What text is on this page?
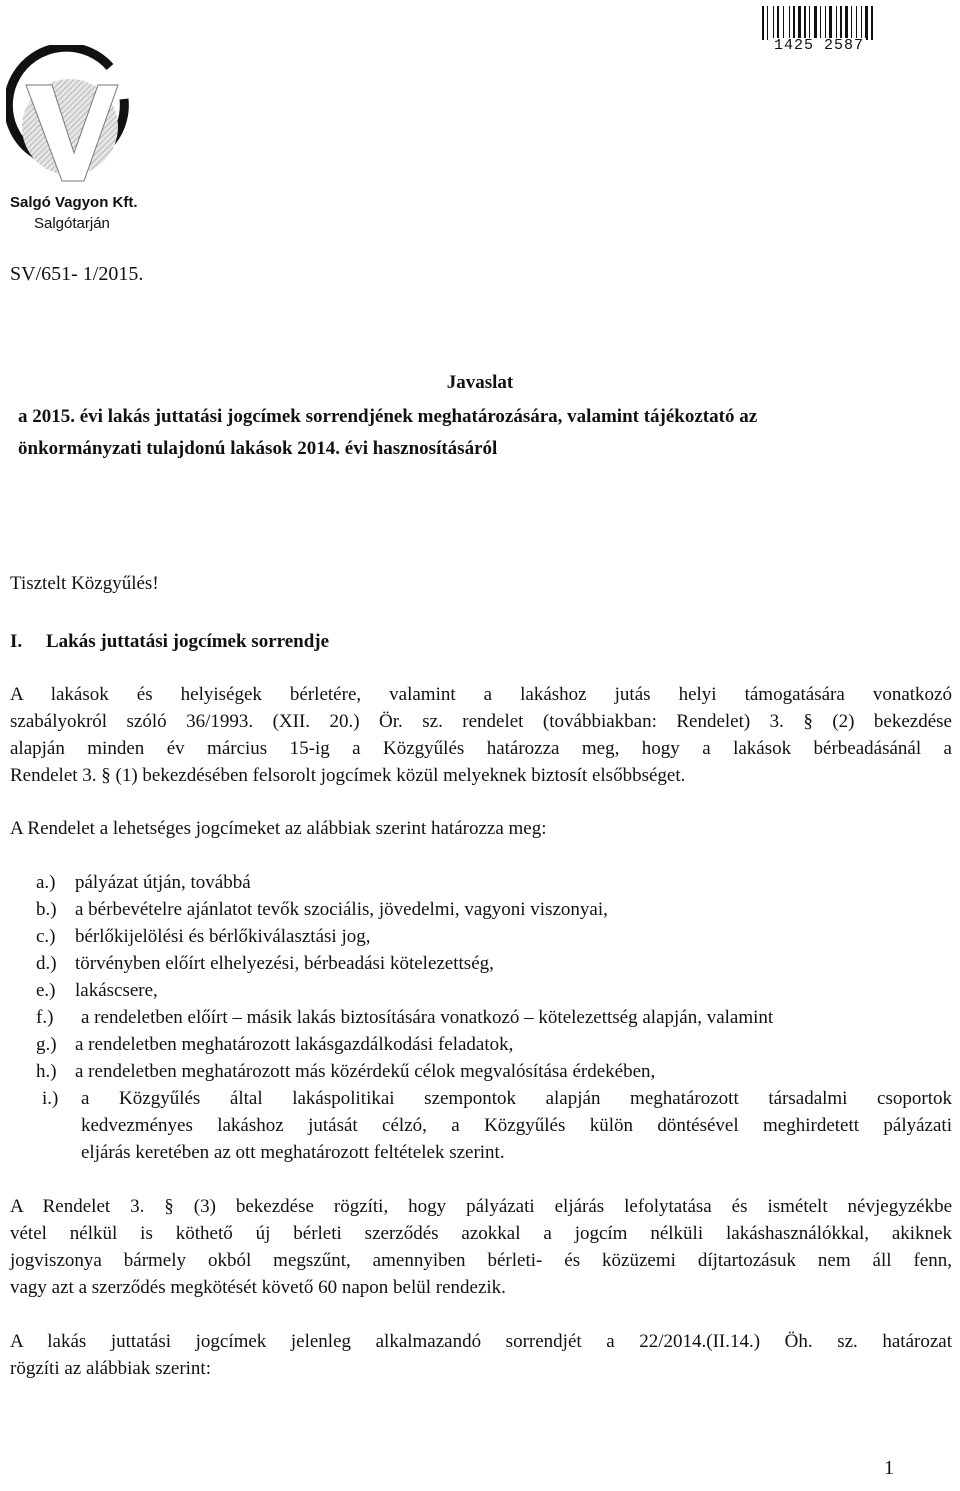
1425 2587
Salgó Vagyon Kft.
Salgótarján
SV/651- 1/2015.
Javaslat
a 2015. évi lakás juttatási jogcímek sorrendjének meghatározására, valamint tájékoztató az
önkormányzati tulajdonú lakások 2014. évi hasznosításáról
Tisztelt Közgyűlés!
I. Lakás juttatási jogcímek sorrendje
A lakások és helyiségek bérletére, valamint a lakáshoz jutás helyi támogatására vonatkozó
szabályokról szóló 36/1993. (XII. 20.) Ör. sz. rendelet (továbbiakban: Rendelet) 3. § (2) bekezdése
alapján minden év március 15-ig a Közgyűlés határozza meg, hogy a lakások bérbeadásánál a
Rendelet 3. § (1) bekezdésében felsorolt jogcímek közül melyeknek biztosít elsőbbséget.
A Rendelet a lehetséges jogcímeket az alábbiak szerint határozza meg:
a.) pályázat útján, továbbá
b.) a bérbevételre ajánlatot tevők szociális, jövedelmi, vagyoni viszonyai,
c.) bérlőkijelölési és bérlőkiválasztási jog,
d.) törvényben előírt elhelyezési, bérbeadási kötelezettség,
e.) lakáscsere,
f.) a rendeletben előírt – másik lakás biztosítására vonatkozó – kötelezettség alapján, valamint
g.) a rendeletben meghatározott lakásgazdálkodási feladatok,
h.) a rendeletben meghatározott más közérdekű célok megvalósítása érdekében,
i.) a Közgyűlés által lakáspolitikai szempontok alapján meghatározott társadalmi csoportok
kedvezményes lakáshoz jutását célzó, a Közgyűlés külön döntésével meghirdetett pályázati
eljárás keretében az ott meghatározott feltételek szerint.
A Rendelet 3. § (3) bekezdése rögzíti, hogy pályázati eljárás lefolytatása és ismételt névjegyzékbe
vétel nélkül is köthető új bérleti szerződés azokkal a jogcím nélküli lakáshasználókkal, akiknek
jogviszonya bármely okból megszűnt, amennyiben bérleti- és közüzemi díjtartozásuk nem áll fenn,
vagy azt a szerződés megkötését követő 60 napon belül rendezik.
A lakás juttatási jogcímek jelenleg alkalmazandó sorrendjét a 22/2014.(II.14.) Öh. sz. határozat
rögzíti az alábbiak szerint:
1
